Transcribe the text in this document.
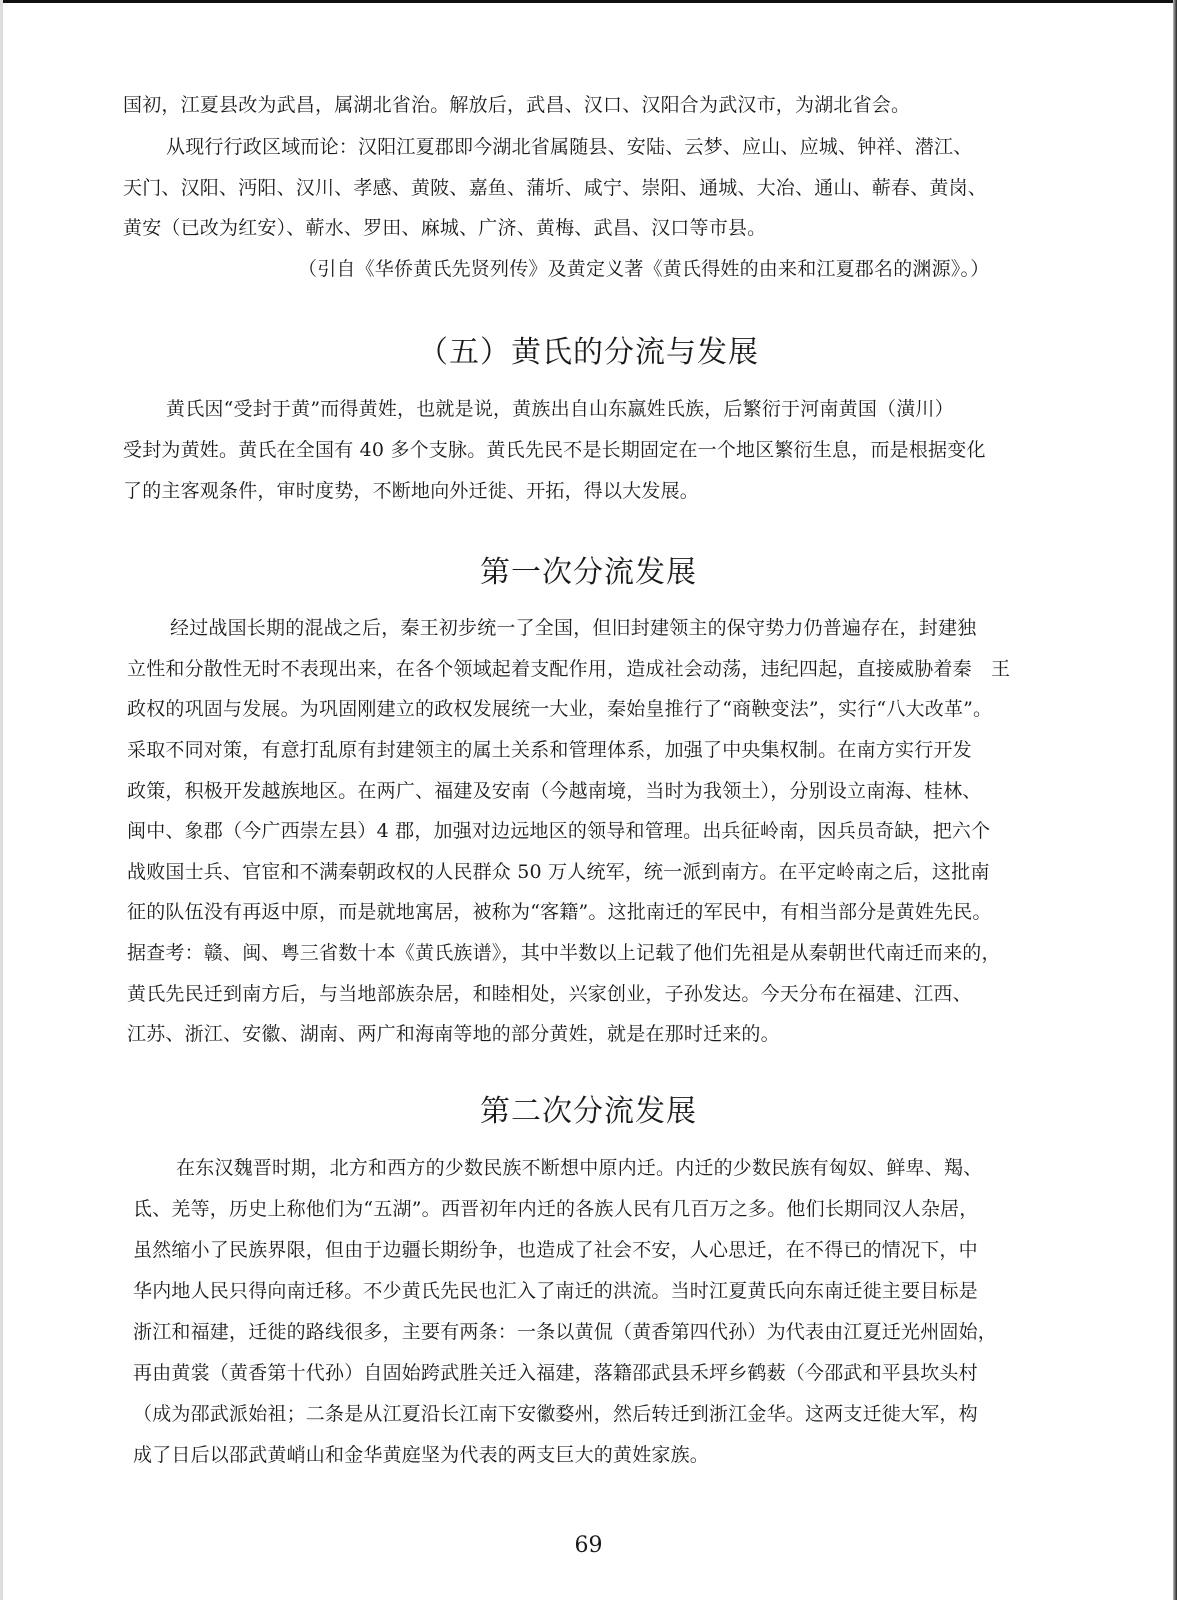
国初，江夏县改为武昌，属湖北省治。解放后，武昌、汉口、汉阳合为武汉市，为湖北省会。
从现行行政区域而论：汉阳江夏郡即今湖北省属随县、安陆、云梦、应山、应城、钟祥、潜江、
天门、汉阳、沔阳、汉川、孝感、黄陂、嘉鱼、蒲圻、咸宁、崇阳、通城、大冶、通山、蕲春、黄岗、
黄安（已改为红安）、蕲水、罗田、麻城、广济、黄梅、武昌、汉口等市县。
（引自《华侨黄氏先贤列传》及黄定义著《黄氏得姓的由来和江夏郡名的渊源》。）
（五）黄氏的分流与发展
黄氏因“受封于黄”而得黄姓，也就是说，黄族出自山东嬴姓氏族，后繁衍于河南黄国（潢川）
受封为黄姓。黄氏在全国有 40 多个支脉。黄氏先民不是长期固定在一个地区繁衍生息，而是根据变化
了的主客观条件，审时度势，不断地向外迁徙、开拓，得以大发展。
第一次分流发展
经过战国长期的混战之后，秦王初步统一了全国，但旧封建领主的保守势力仍普遍存在，封建独
立性和分散性无时不表现出来，在各个领域起着支配作用，造成社会动荡，违纪四起，直接威胁着秦　王
政权的巩固与发展。为巩固刚建立的政权发展统一大业，秦始皇推行了“商鞅变法”，实行“八大改革”。
采取不同对策，有意打乱原有封建领主的属土关系和管理体系，加强了中央集权制。在南方实行开发
政策，积极开发越族地区。在两广、福建及安南（今越南境，当时为我领土），分别设立南海、桂林、
闽中、象郡（今广西崇左县）4 郡，加强对边远地区的领导和管理。出兵征岭南，因兵员奇缺，把六个
战败国士兵、官宦和不满秦朝政权的人民群众 50 万人统军，统一派到南方。在平定岭南之后，这批南
征的队伍没有再返中原，而是就地寓居，被称为“客籍”。这批南迁的军民中，有相当部分是黄姓先民。
据查考：赣、闽、粤三省数十本《黄氏族谱》，其中半数以上记载了他们先祖是从秦朝世代南迁而来的，
黄氏先民迁到南方后，与当地部族杂居，和睦相处，兴家创业，子孙发达。今天分布在福建、江西、
江苏、浙江、安徽、湖南、两广和海南等地的部分黄姓，就是在那时迁来的。
第二次分流发展
在东汉魏晋时期，北方和西方的少数民族不断想中原内迁。内迁的少数民族有匈奴、鲜卑、羯、
氐、羌等，历史上称他们为“五湖”。西晋初年内迁的各族人民有几百万之多。他们长期同汉人杂居，
虽然缩小了民族界限，但由于边疆长期纷争，也造成了社会不安，人心思迁，在不得已的情况下，中
华内地人民只得向南迁移。不少黄氏先民也汇入了南迁的洪流。当时江夏黄氏向东南迁徙主要目标是
浙江和福建，迁徙的路线很多，主要有两条：一条以黄侃（黄香第四代孙）为代表由江夏迁光州固始，
再由黄裳（黄香第十代孙）自固始跨武胜关迁入福建，落籍邵武县禾坪乡鹤薮（今邵武和平县坎头村
（成为邵武派始祖；二条是从江夏沿长江南下安徽婺州，然后转迁到浙江金华。这两支迁徙大军，构
成了日后以邵武黄峭山和金华黄庭坚为代表的两支巨大的黄姓家族。
69
